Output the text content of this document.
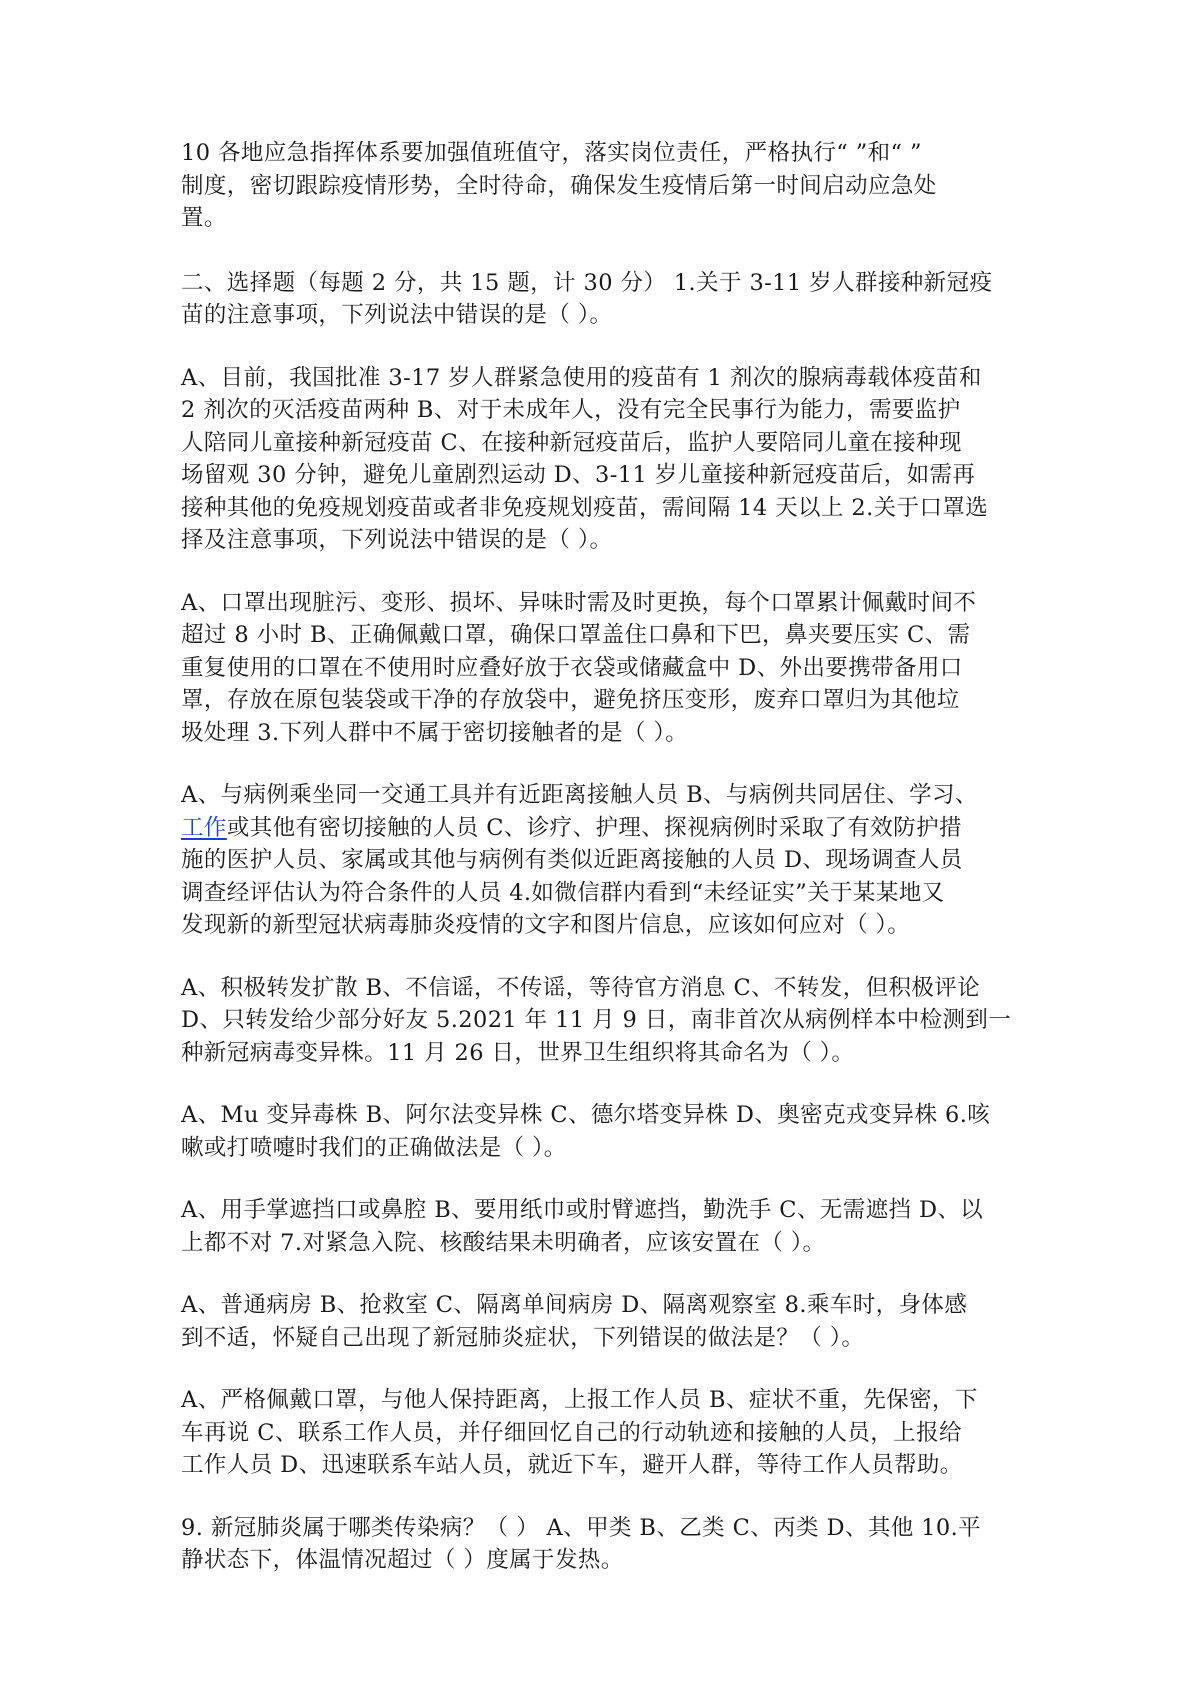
10 各地应急指挥体系要加强值班值守，落实岗位责任，严格执行“ ”和“ ”
制度，密切跟踪疫情形势，全时待命，确保发生疫情后第一时间启动应急处
置。

二、选择题（每题 2 分，共 15 题，计 30 分） 1.关于 3-11 岁人群接种新冠疫
苗的注意事项，下列说法中错误的是（ ）。

A、目前，我国批准 3-17 岁人群紧急使用的疫苗有 1 剂次的腺病毒载体疫苗和
2 剂次的灭活疫苗两种 B、对于未成年人，没有完全民事行为能力，需要监护
人陪同儿童接种新冠疫苗 C、在接种新冠疫苗后，监护人要陪同儿童在接种现
场留观 30 分钟，避免儿童剧烈运动 D、3-11 岁儿童接种新冠疫苗后，如需再
接种其他的免疫规划疫苗或者非免疫规划疫苗，需间隔 14 天以上 2.关于口罩选
择及注意事项，下列说法中错误的是（ ）。

A、口罩出现脏污、变形、损坏、异味时需及时更换，每个口罩累计佩戴时间不
超过 8 小时 B、正确佩戴口罩，确保口罩盖住口鼻和下巴，鼻夹要压实 C、需
重复使用的口罩在不使用时应叠好放于衣袋或储藏盒中 D、外出要携带备用口
罩，存放在原包装袋或干净的存放袋中，避免挤压变形，废弃口罩归为其他垃
圾处理 3.下列人群中不属于密切接触者的是（ ）。

A、与病例乘坐同一交通工具并有近距离接触人员 B、与病例共同居住、学习、
工作或其他有密切接触的人员 C、诊疗、护理、探视病例时采取了有效防护措
施的医护人员、家属或其他与病例有类似近距离接触的人员 D、现场调查人员
调查经评估认为符合条件的人员 4.如微信群内看到“未经证实”关于某某地又
发现新的新型冠状病毒肺炎疫情的文字和图片信息，应该如何应对（ ）。

A、积极转发扩散 B、不信谣，不传谣，等待官方消息 C、不转发，但积极评论
D、只转发给少部分好友 5.2021 年 11 月 9 日，南非首次从病例样本中检测到一
种新冠病毒变异株。11 月 26 日，世界卫生组织将其命名为（ ）。

A、Mu 变异毒株 B、阿尔法变异株 C、德尔塔变异株 D、奥密克戎变异株 6.咳
嗽或打喷嚏时我们的正确做法是（ ）。

A、用手掌遮挡口或鼻腔 B、要用纸巾或肘臂遮挡，勤洗手 C、无需遮挡 D、以
上都不对 7.对紧急入院、核酸结果未明确者，应该安置在（ ）。

A、普通病房 B、抢救室 C、隔离单间病房 D、隔离观察室 8.乘车时，身体感
到不适，怀疑自己出现了新冠肺炎症状，下列错误的做法是？（ ）。

A、严格佩戴口罩，与他人保持距离，上报工作人员 B、症状不重，先保密，下
车再说 C、联系工作人员，并仔细回忆自己的行动轨迹和接触的人员，上报给
工作人员 D、迅速联系车站人员，就近下车，避开人群，等待工作人员帮助。

9. 新冠肺炎属于哪类传染病？（ ） A、甲类 B、乙类 C、丙类 D、其他 10.平
静状态下，体温情况超过（ ）度属于发热。
